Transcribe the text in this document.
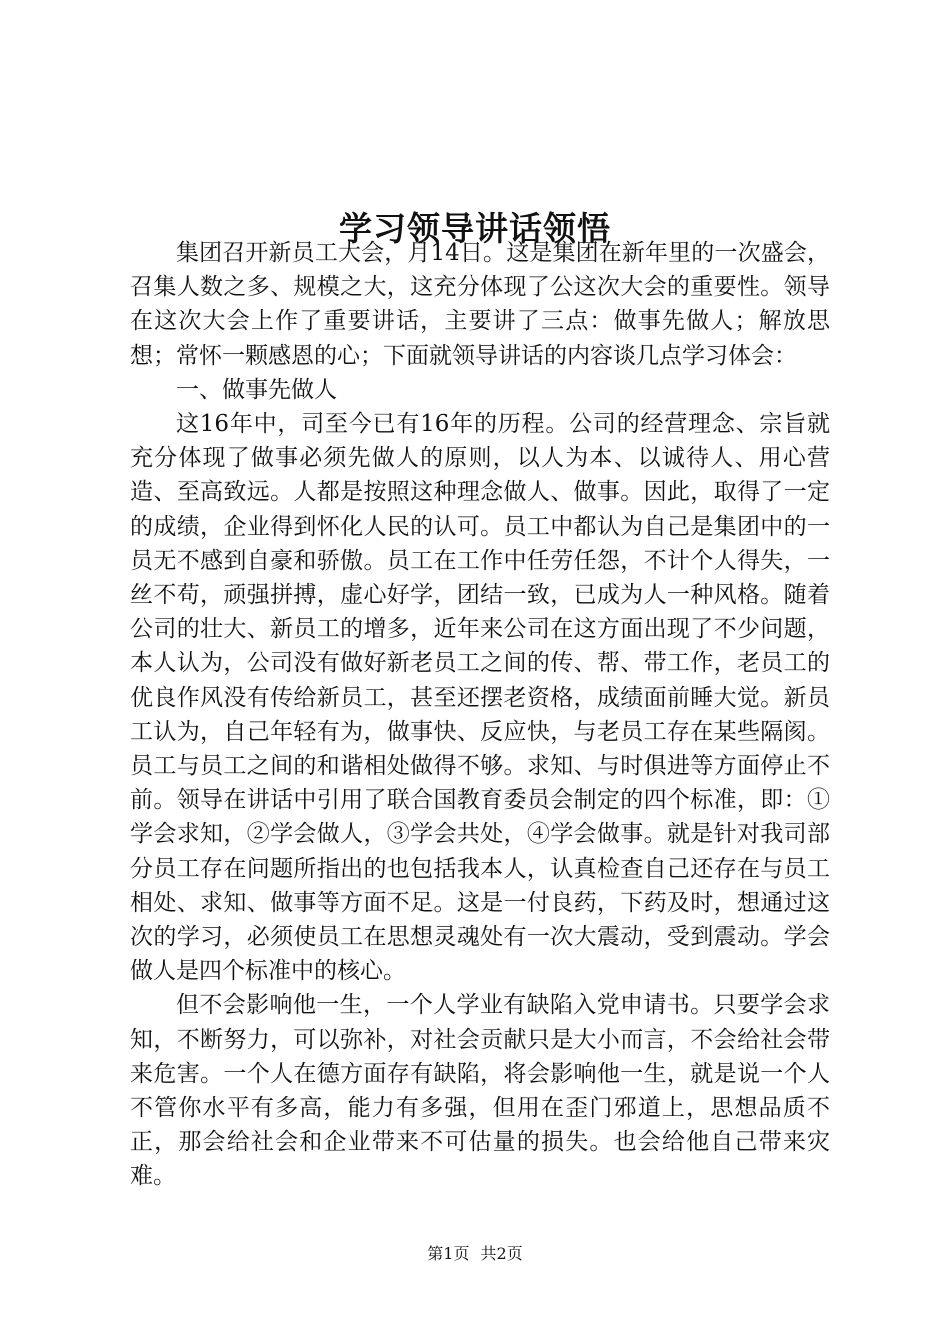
学习领导讲话领悟

集团召开新员工大会，月14日。这是集团在新年里的一次盛会，召集人数之多、规模之大，这充分体现了公这次大会的重要性。领导在这次大会上作了重要讲话，主要讲了三点：做事先做人；解放思想；常怀一颗感恩的心；下面就领导讲话的内容谈几点学习体会：

一、做事先做人

这16年中，司至今已有16年的历程。公司的经营理念、宗旨就充分体现了做事必须先做人的原则，以人为本、以诚待人、用心营造、至高致远。人都是按照这种理念做人、做事。因此，取得了一定的成绩，企业得到怀化人民的认可。员工中都认为自己是集团中的一员无不感到自豪和骄傲。员工在工作中任劳任怨，不计个人得失，一丝不苟，顽强拼搏，虚心好学，团结一致，已成为人一种风格。随着公司的壮大、新员工的增多，近年来公司在这方面出现了不少问题，本人认为，公司没有做好新老员工之间的传、帮、带工作，老员工的优良作风没有传给新员工，甚至还摆老资格，成绩面前睡大觉。新员工认为，自己年轻有为，做事快、反应快，与老员工存在某些隔阂。员工与员工之间的和谐相处做得不够。求知、与时俱进等方面停止不前。领导在讲话中引用了联合国教育委员会制定的四个标准，即：①学会求知，②学会做人，③学会共处，④学会做事。就是针对我司部分员工存在问题所指出的也包括我本人，认真检查自己还存在与员工相处、求知、做事等方面不足。这是一付良药，下药及时，想通过这次的学习，必须使员工在思想灵魂处有一次大震动，受到震动。学会做人是四个标准中的核心。

但不会影响他一生，一个人学业有缺陷入党申请书。只要学会求知，不断努力，可以弥补，对社会贡献只是大小而言，不会给社会带来危害。一个人在德方面存有缺陷，将会影响他一生，就是说一个人不管你水平有多高，能力有多强，但用在歪门邪道上，思想品质不正，那会给社会和企业带来不可估量的损失。也会给他自己带来灾难。

第1页 共2页
